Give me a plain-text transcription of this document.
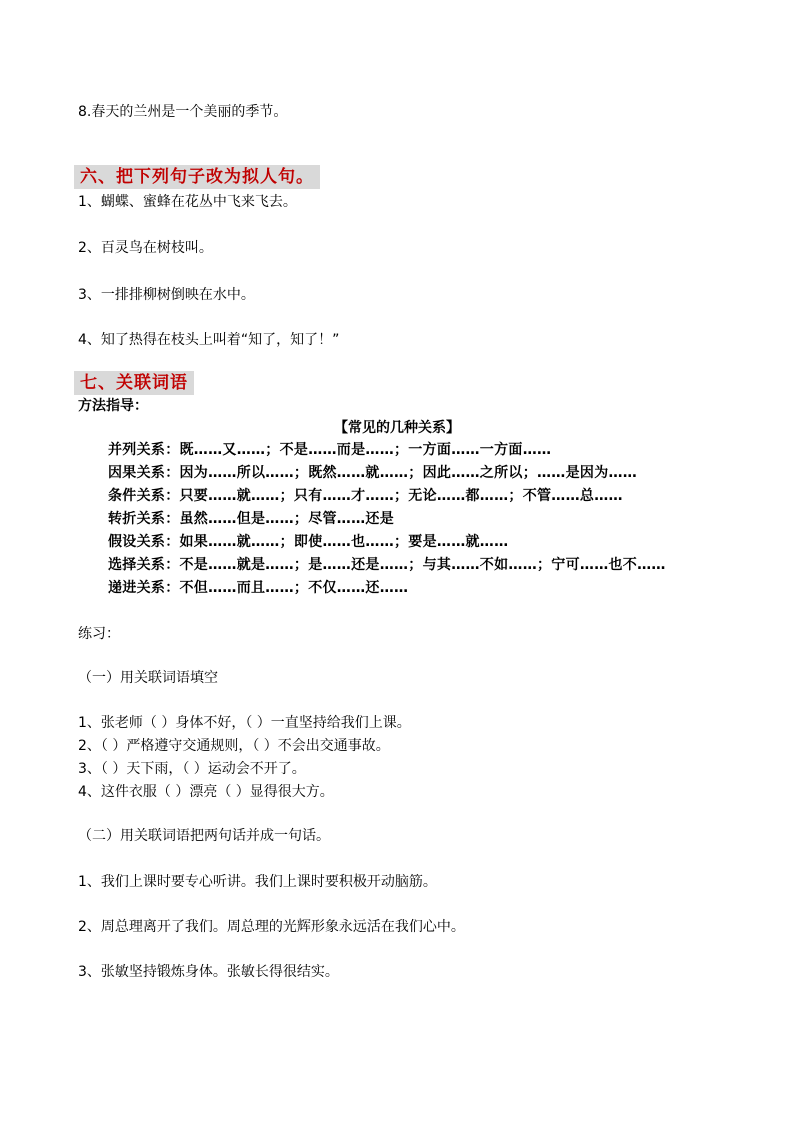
8.春天的兰州是一个美丽的季节。
六、把下列句子改为拟人句。
1、蝴蝶、蜜蜂在花丛中飞来飞去。
2、百灵鸟在树枝叫。
3、一排排柳树倒映在水中。
4、知了热得在枝头上叫着“知了，知了！”
七、关联词语
方法指导：
【常见的几种关系】
并列关系：既……又……；不是……而是……；一方面……一方面……
因果关系：因为……所以……；既然……就……；因此……之所以；……是因为……
条件关系：只要……就……；只有……才……；无论……都……；不管……总……
转折关系：虽然……但是……；尽管……还是
假设关系：如果……就……；即使……也……；要是……就……
选择关系：不是……就是……；是……还是……；与其……不如……；宁可……也不……
递进关系：不但……而且……；不仅……还……
练习：
（一）用关联词语填空
1、张老师（ ）身体不好，（ ）一直坚持给我们上课。
2、（ ）严格遵守交通规则，（ ）不会出交通事故。
3、（ ）天下雨，（ ）运动会不开了。
4、这件衣服（ ）漂亮（ ）显得很大方。
（二）用关联词语把两句话并成一句话。
1、我们上课时要专心听讲。我们上课时要积极开动脑筋。
2、周总理离开了我们。周总理的光辉形象永远活在我们心中。
3、张敏坚持锻炼身体。张敏长得很结实。
